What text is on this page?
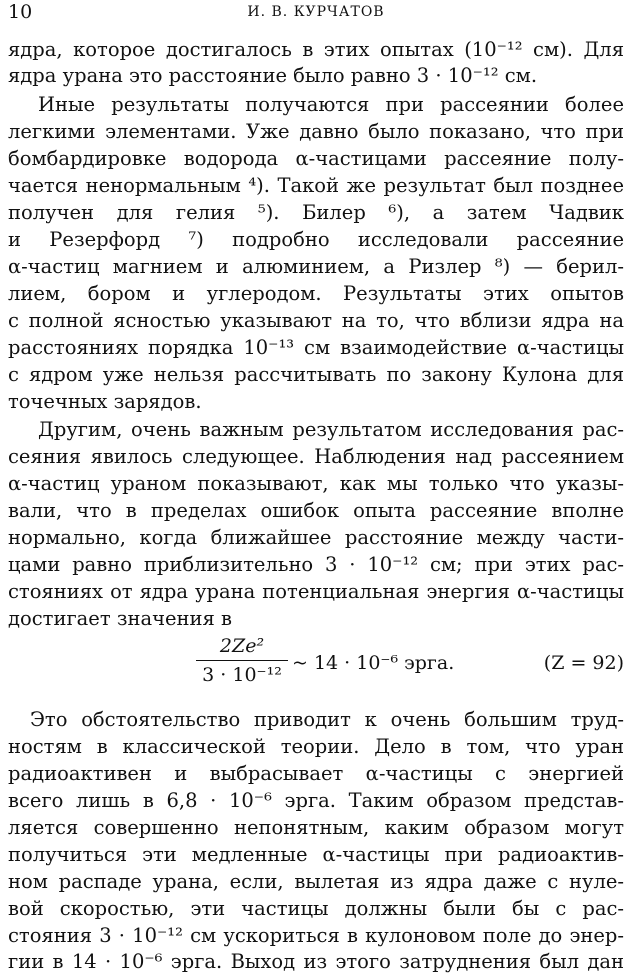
10	И. В. КУРЧАТОВ
ядра, которое достигалось в этих опытах (10⁻¹² см). Для
ядра урана это расстояние было равно 3 · 10⁻¹² см.
Иные результаты получаются при рассеянии более
легкими элементами. Уже давно было показано, что при
бомбардировке водорода α-частицами рассеяние полу-
чается ненормальным ⁴). Такой же результат был позднее
получен для гелия ⁵). Билер ⁶), а затем Чадвик
и Резерфорд ⁷) подробно исследовали рассеяние
α-частиц магнием и алюминием, а Ризлер ⁸) — берил-
лием, бором и углеродом. Результаты этих опытов
с полной ясностью указывают на то, что вблизи ядра на
расстояниях порядка 10⁻¹³ см взаимодействие α-частицы
с ядром уже нельзя рассчитывать по закону Кулона для
точечных зарядов.
Другим, очень важным результатом исследования рас-
сеяния явилось следующее. Наблюдения над рассеянием
α-частиц ураном показывают, как мы только что указы-
вали, что в пределах ошибок опыта рассеяние вполне
нормально, когда ближайшее расстояние между части-
цами равно приблизительно 3 · 10⁻¹² см; при этих рас-
стояниях от ядра урана потенциальная энергия α-частицы
достигает значения в
2Ze²
3 · 10⁻¹²
~ 14 · 10⁻⁶ эрга.	(Z = 92)
Это обстоятельство приводит к очень большим труд-
ностям в классической теории. Дело в том, что уран
радиоактивен и выбрасывает α-частицы с энергией
всего лишь в 6,8 · 10⁻⁶ эрга. Таким образом представ-
ляется совершенно непонятным, каким образом могут
получиться эти медленные α-частицы при радиоактив-
ном распаде урана, если, вылетая из ядра даже с нуле-
вой скоростью, эти частицы должны были бы с рас-
стояния 3 · 10⁻¹² см ускориться в кулоновом поле до энер-
гии в 14 · 10⁻⁶ эрга. Выход из этого затруднения был дан
